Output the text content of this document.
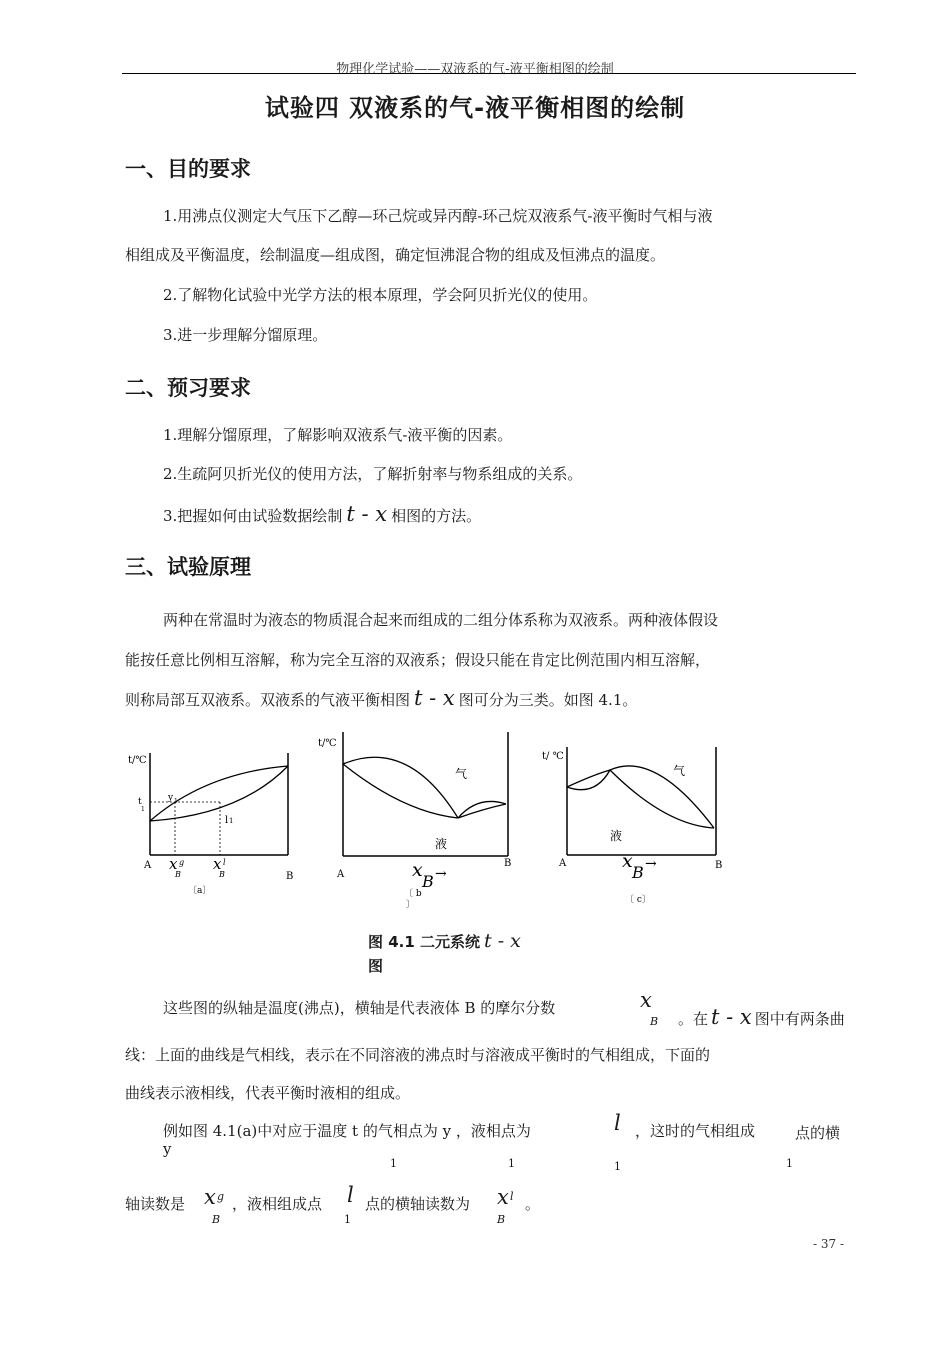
物理化学试验——双液系的气-液平衡相图的绘制
试验四 双液系的气-液平衡相图的绘制
一、目的要求
1.用沸点仪测定大气压下乙醇—环己烷或异丙醇-环己烷双液系气-液平衡时气相与液
相组成及平衡温度，绘制温度—组成图，确定恒沸混合物的组成及恒沸点的温度。
2.了解物化试验中光学方法的根本原理，学会阿贝折光仪的使用。
3.进一步理解分馏原理。
二、预习要求
1.理解分馏原理，了解影响双液系气-液平衡的因素。
2.生疏阿贝折光仪的使用方法，了解折射率与物系组成的关系。
3.把握如何由试验数据绘制 t - x 相图的方法。
三、试验原理
两种在常温时为液态的物质混合起来而组成的二组分体系称为双液系。两种液体假设
能按任意比例相互溶解，称为完全互溶的双液系；假设只能在肯定比例范围内相互溶解，
则称局部互双液系。双液系的气液平衡相图 t - x 图可分为三类。如图 4.1。
t/℃
t
1
y 1
l 1
A
B
x g
B
x l
B
〔a〕
t/℃
气
液
A
B
x
B →
〔 b
〕
t/ ℃
气
液
A	B
x
B →
〔 c〕
图 4.1 二元系统 t - x
图
这些图的纵轴是温度(沸点)，横轴是代表液体 B 的摩尔分数	x
B 。在 t - x 图中有两条曲
线：上面的曲线是气相线，表示在不同溶液的沸点时与溶液成平衡时的气相组成，下面的
曲线表示液相线，代表平衡时液相的组成。
例如图 4.1(a)中对应于温度 t 的气相点为 y ，液相点为	l ，这时的气相组成	点的横
y
1	1	1	1
轴读数是 x g
B
，液相组成点 l
1
点的横轴读数为 x l
B
。
- 37 -
